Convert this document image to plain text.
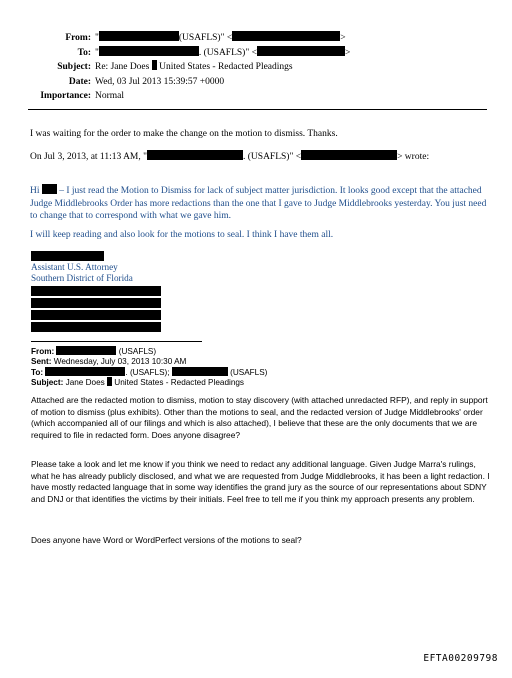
From: "	(USAFLS)" <	>
To: "	. (USAFLS)" <	>
Subject: Re: Jane Does  United States - Redacted Pleadings
Date: Wed, 03 Jul 2013 15:39:57 +0000
Importance: Normal
I was waiting for the order to make the change on the motion to dismiss. Thanks.
On Jul 3, 2013, at 11:13 AM, "	. (USAFLS)" <	> wrote:
Hi  – I just read the Motion to Dismiss for lack of subject matter jurisdiction. It looks good except that the attached Judge Middlebrooks Order has more redactions than the one that I gave to Judge Middlebrooks yesterday. You just need to change that to correspond with what we gave him.
I will keep reading and also look for the motions to seal. I think I have them all.
Assistant U.S. Attorney
Southern District of Florida
From:	(USAFLS)
Sent: Wednesday, July 03, 2013 10:30 AM
To:	. (USAFLS);	(USAFLS)
Subject: Jane Does  United States - Redacted Pleadings

Attached are the redacted motion to dismiss, motion to stay discovery (with attached unredacted RFP), and reply in support of motion to dismiss (plus exhibits). Other than the motions to seal, and the redacted version of Judge Middlebrooks' order (which accompanied all of our filings and which is also attached), I believe that these are the only documents that we are required to file in redacted form. Does anyone disagree?

Please take a look and let me know if you think we need to redact any additional language. Given Judge Marra's rulings, what he has already publicly disclosed, and what we are requested from Judge Middlebrooks, it has been a light redaction. I have mostly redacted language that in some way identifies the grand jury as the source of our representations about SDNY and DNJ or that identifies the victims by their initials. Feel free to tell me if you think my approach presents any problem.

Does anyone have Word or WordPerfect versions of the motions to seal?

EFTA00209798
